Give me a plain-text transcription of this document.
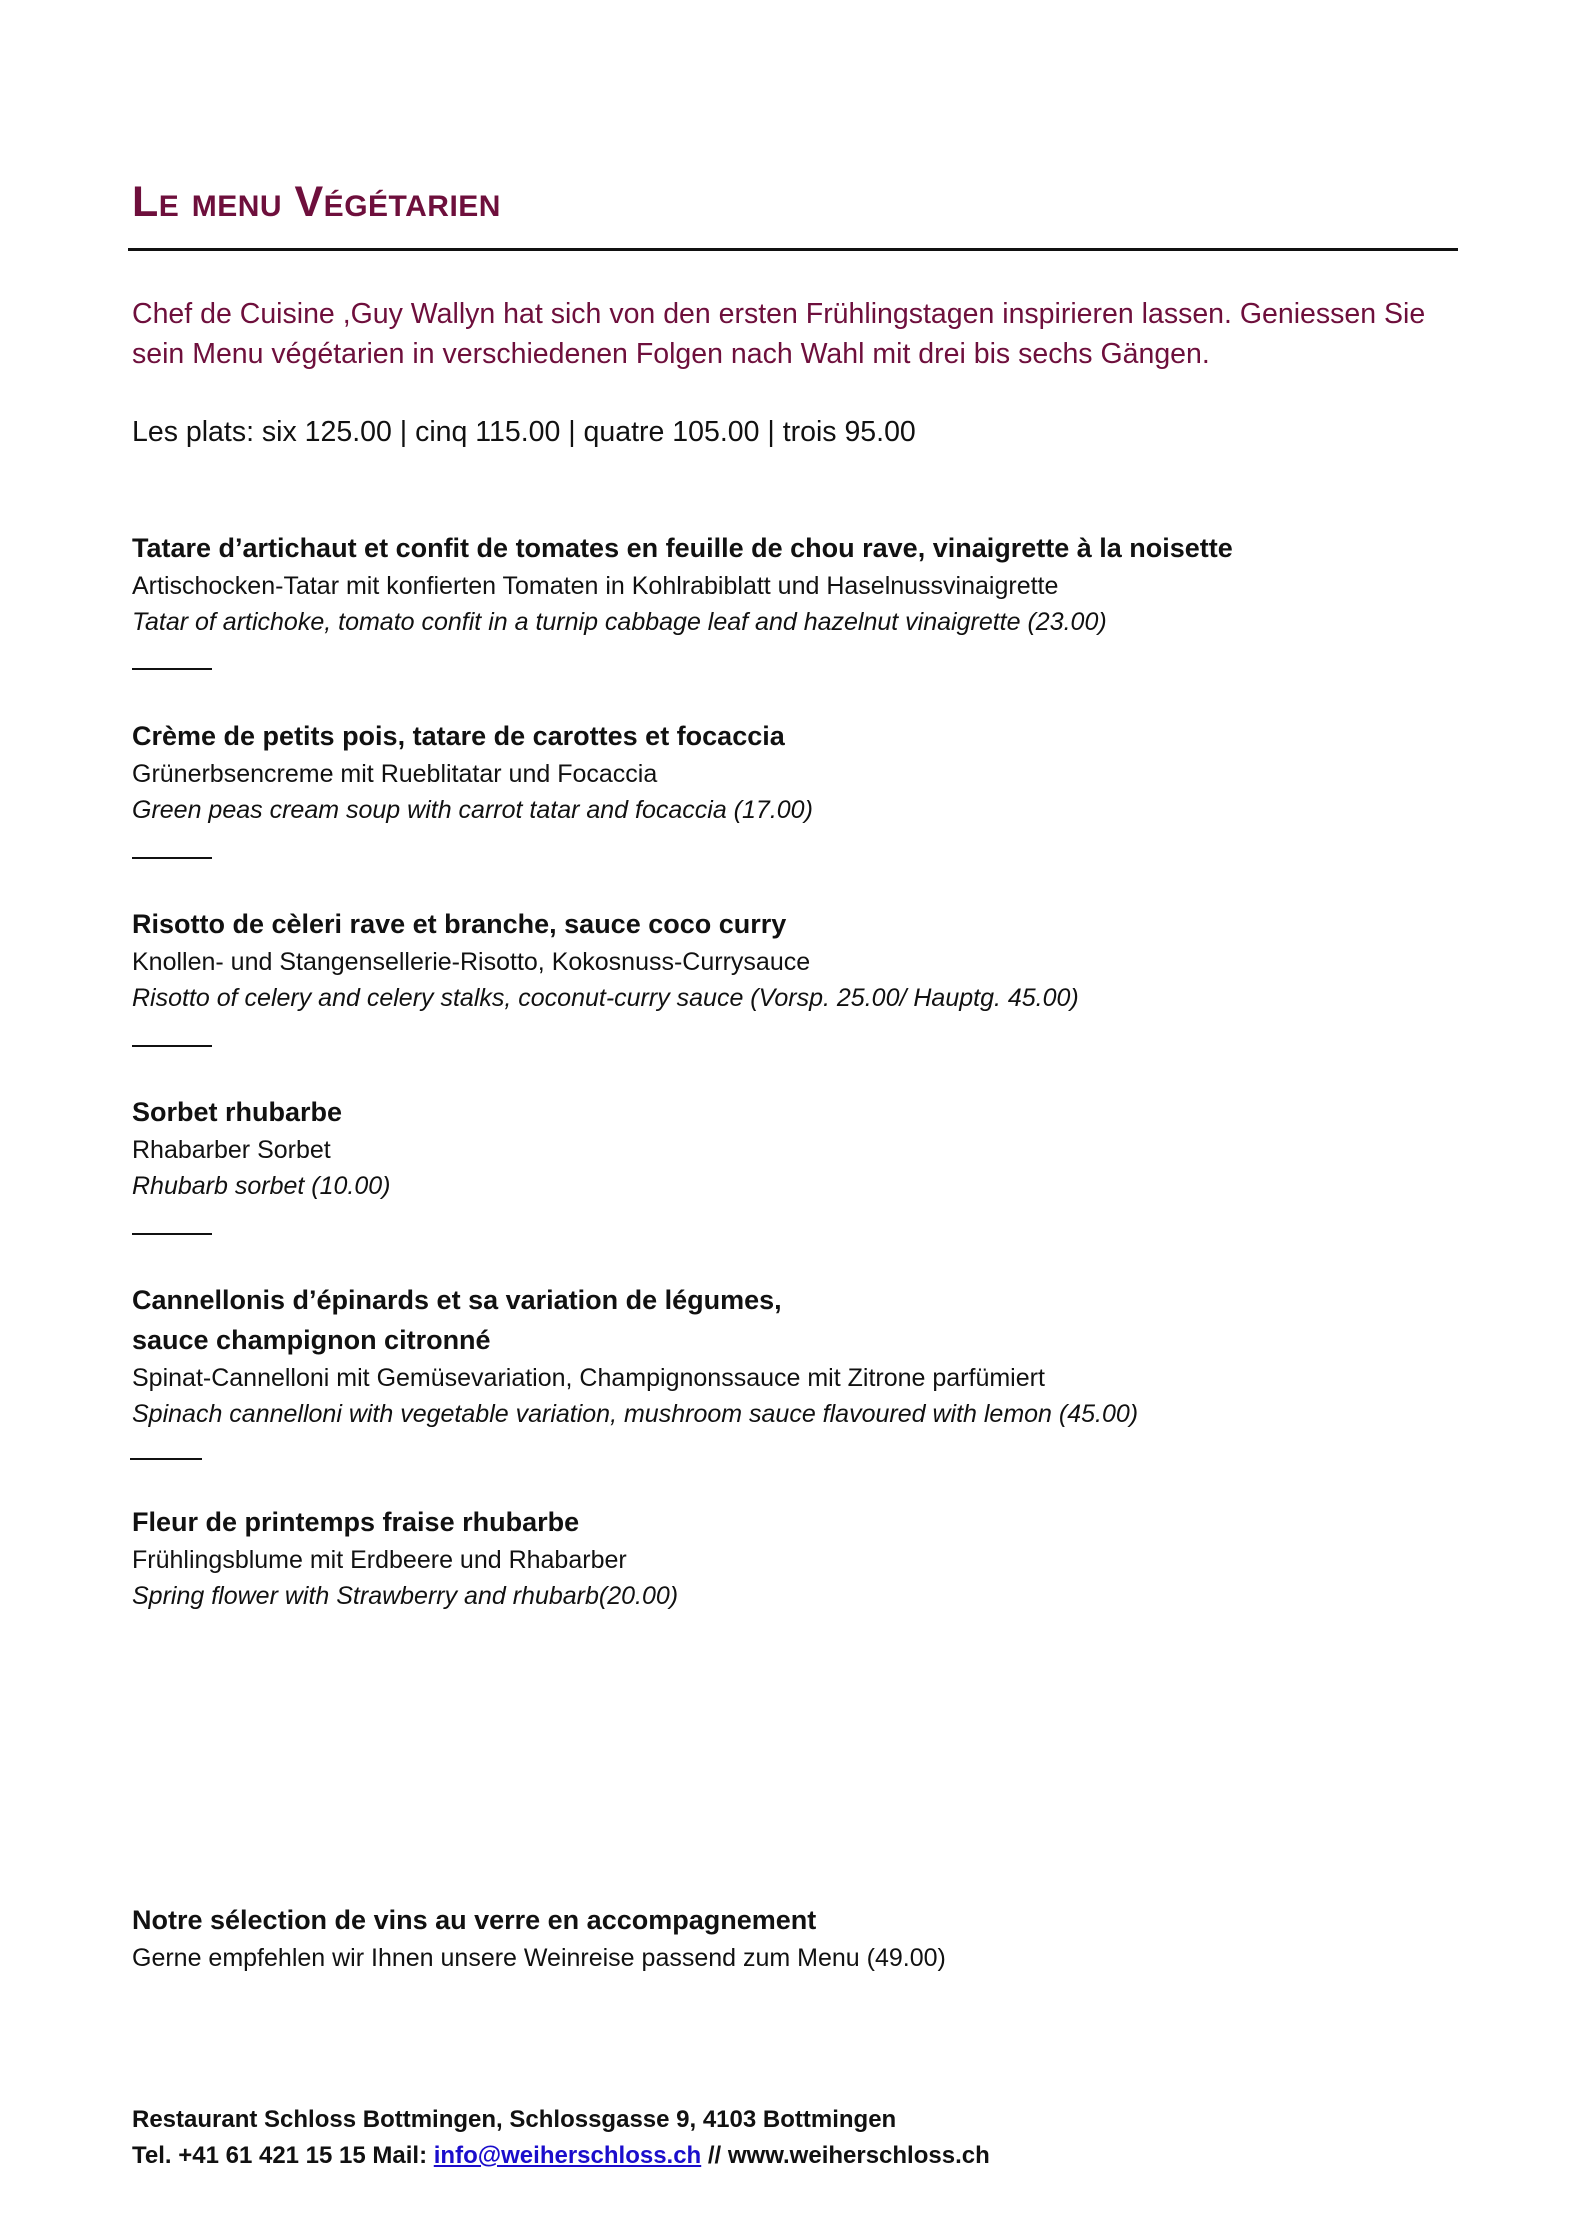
Le menu Végétarien

Chef de Cuisine ,Guy Wallyn hat sich von den ersten Frühlingstagen inspirieren lassen. Geniessen Sie sein Menu végétarien in verschiedenen Folgen nach Wahl mit drei bis sechs Gängen.

Les plats: six 125.00 | cinq 115.00 | quatre 105.00 | trois 95.00

Tatare d’artichaut et confit de tomates en feuille de chou rave, vinaigrette à la noisette

Artischocken-Tatar mit konfierten Tomaten in Kohlrabiblatt und Haselnussvinaigrette

Tatar of artichoke, tomato confit in a turnip cabbage leaf and hazelnut vinaigrette (23.00)

Crème de petits pois, tatare de carottes et focaccia

Grünerbsencreme mit Rueblitatar und Focaccia

Green peas cream soup with carrot tatar and focaccia (17.00)

Risotto de cèleri rave et branche, sauce coco curry

Knollen- und Stangensellerie-Risotto, Kokosnuss-Currysauce

Risotto of celery and celery stalks, coconut-curry sauce (Vorsp. 25.00/ Hauptg. 45.00)

Sorbet rhubarbe

Rhabarber Sorbet

Rhubarb sorbet (10.00)

Cannellonis d’épinards et sa variation de légumes,

sauce champignon citronné

Spinat-Cannelloni mit Gemüsevariation, Champignonssauce mit Zitrone parfümiert

Spinach cannelloni with vegetable variation, mushroom sauce flavoured with lemon (45.00)

Fleur de printemps fraise rhubarbe

Frühlingsblume mit Erdbeere und Rhabarber

Spring flower with Strawberry and rhubarb(20.00)

Notre sélection de vins au verre en accompagnement

Gerne empfehlen wir Ihnen unsere Weinreise passend zum Menu (49.00)

Restaurant Schloss Bottmingen, Schlossgasse 9, 4103 Bottmingen

Tel. +41 61 421 15 15 Mail: info@weiherschloss.ch // www.weiherschloss.ch
